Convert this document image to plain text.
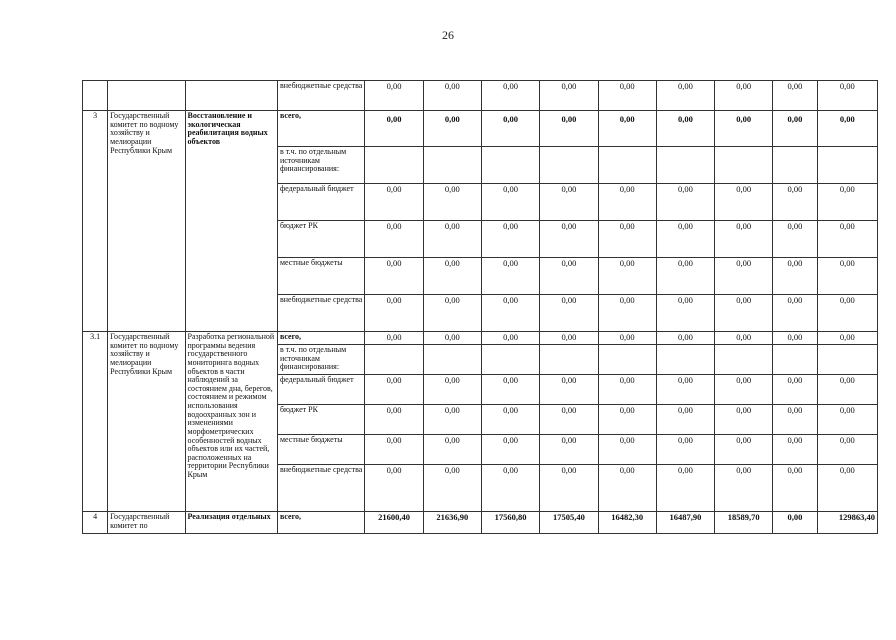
26
			внебюджетные средства	0,00	0,00	0,00	0,00	0,00	0,00	0,00	0,00	0,00
3	Государственный комитет по водному хозяйству и мелиорации Республики Крым	Восстановление и экологическая реабилитация водных объектов	всего,	0,00	0,00	0,00	0,00	0,00	0,00	0,00	0,00	0,00
			в т.ч. по отдельным источникам финансирования:									
			федеральный бюджет	0,00	0,00	0,00	0,00	0,00	0,00	0,00	0,00	0,00
			бюджет РК	0,00	0,00	0,00	0,00	0,00	0,00	0,00	0,00	0,00
			местные бюджеты	0,00	0,00	0,00	0,00	0,00	0,00	0,00	0,00	0,00
			внебюджетные средства	0,00	0,00	0,00	0,00	0,00	0,00	0,00	0,00	0,00
3.1	Государственный комитет по водному хозяйству и мелиорации Республики Крым	Разработка региональной программы ведения государственного мониторинга водных объектов в части наблюдений за состоянием дна, берегов, состоянием и режимом использования водоохранных зон и изменениями морфометрических особенностей водных объектов или их частей, расположенных на территории Республики Крым	всего,	0,00	0,00	0,00	0,00	0,00	0,00	0,00	0,00	0,00
			в т.ч. по отдельным источникам финансирования:									
			федеральный бюджет	0,00	0,00	0,00	0,00	0,00	0,00	0,00	0,00	0,00
			бюджет РК	0,00	0,00	0,00	0,00	0,00	0,00	0,00	0,00	0,00
			местные бюджеты	0,00	0,00	0,00	0,00	0,00	0,00	0,00	0,00	0,00
			внебюджетные средства	0,00	0,00	0,00	0,00	0,00	0,00	0,00	0,00	0,00
4	Государственный комитет по	Реализация отдельных	всего,	21600,40	21636,90	17560,80	17505,40	16482,30	16487,90	18589,70	0,00	129863,40
